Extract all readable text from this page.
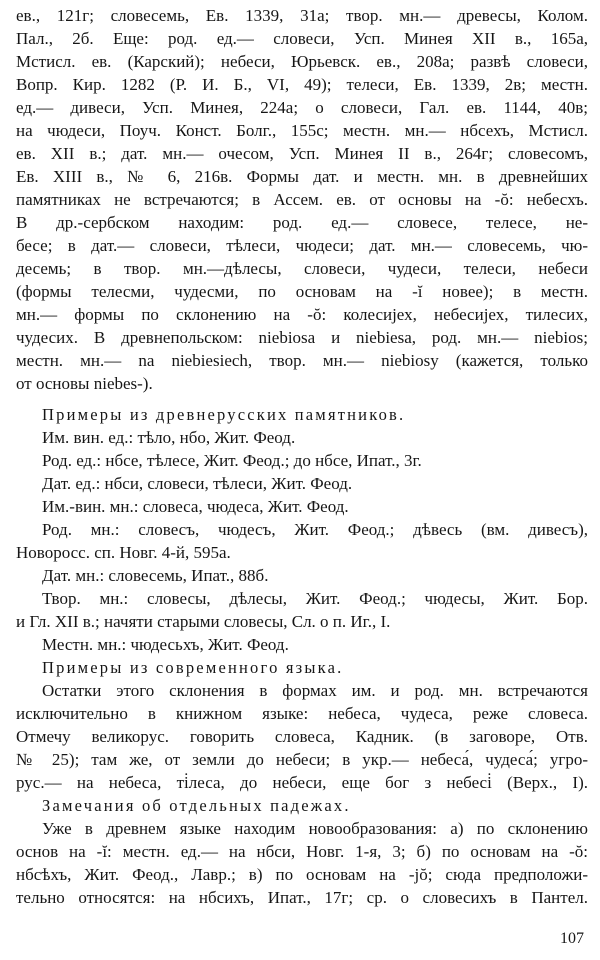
ев., 121г; словесемь, Ев. 1339, 31а; твор. мн.— древесы, Колом.
Пал., 2б. Еще: род. ед.— словеси, Усп. Минея XII в., 165а,
Мстисл. ев. (Карский); небеси, Юрьевск. ев., 208а; развѣ словеси,
Вопр. Кир. 1282 (Р. И. Б., VI, 49); телеси, Ев. 1339, 2в; местн.
ед.— дивеси, Усп. Минея, 224а; о словеси, Гал. ев. 1144, 40в;
на чюдеси, Поуч. Конст. Болг., 155с; местн. мн.— нбсехъ, Мстисл.
ев. XII в.; дат. мн.— очесом, Усп. Минея II в., 264г; словесомъ,
Ев. XIII в., № 6, 216в. Формы дат. и местн. мн. в древнейших
памятниках не встречаются; в Ассем. ев. от основы на -ŏ: небесхъ.
В др.-сербском находим: род. ед.— словесе, телесе, не-
бесе; в дат.— словеси, тѣлеси, чюдеси; дат. мн.— словесемь, чю-
десемь; в твор. мн.—дѣлесы, словеси, чудеси, телеси, небеси
(формы телесми, чудесми, по основам на -ĭ новее); в местн.
мн.— формы по склонению на -ŏ: колесијех, небесијех, тилесих,
чудесих. В древнепольском: niebiosa и niebiesa, род. мн.— niebios;
местн. мн.— na niebiesiech, твор. мн.— niebiosy (кажется, только
от основы niebes-).
Примеры из древнерусских памятников.
Им. вин. ед.: тѣло, нбо, Жит. Феод.
Род. ед.: нбсе, тѣлесе, Жит. Феод.; до нбсе, Ипат., 3г.
Дат. ед.: нбси, словеси, тѣлеси, Жит. Феод.
Им.-вин. мн.: словеса, чюдеса, Жит. Феод.
Род. мн.: словесъ, чюдесъ, Жит. Феод.; дѣвесь (вм. дивесъ),
Новоросс. сп. Новг. 4-й, 595а.
Дат. мн.: словесемь, Ипат., 88б.
Твор. мн.: словесы, дѣлесы, Жит. Феод.; чюдесы, Жит. Бор.
и Гл. XII в.; начяти старыми словесы, Сл. о п. Иг., I.
Местн. мн.: чюдесьхъ, Жит. Феод.
Примеры из современного языка.
Остатки этого склонения в формах им. и род. мн. встречаются
исключительно в книжном языке: небеса, чудеса, реже словеса.
Отмечу великорус. говорить словеса, Кадник. (в заговоре, Отв.
№ 25); там же, от земли до небеси; в укр.— небеса́, чудеса́; угро-
рус.— на небеса, тi̇леса, до небеси, еще бог з небесi̇ (Верх., I).
Замечания об отдельных падежах.
Уже в древнем языке находим новообразования: а) по склонению
основ на -ĭ: местн. ед.— на нбси, Новг. 1-я, 3; б) по основам на -ŏ:
нбсѣхъ, Жит. Феод., Лавр.; в) по основам на -jŏ; сюда предположи-
тельно относятся: на нбсихъ, Ипат., 17г; ср. о словесихъ в Пантел.
107
